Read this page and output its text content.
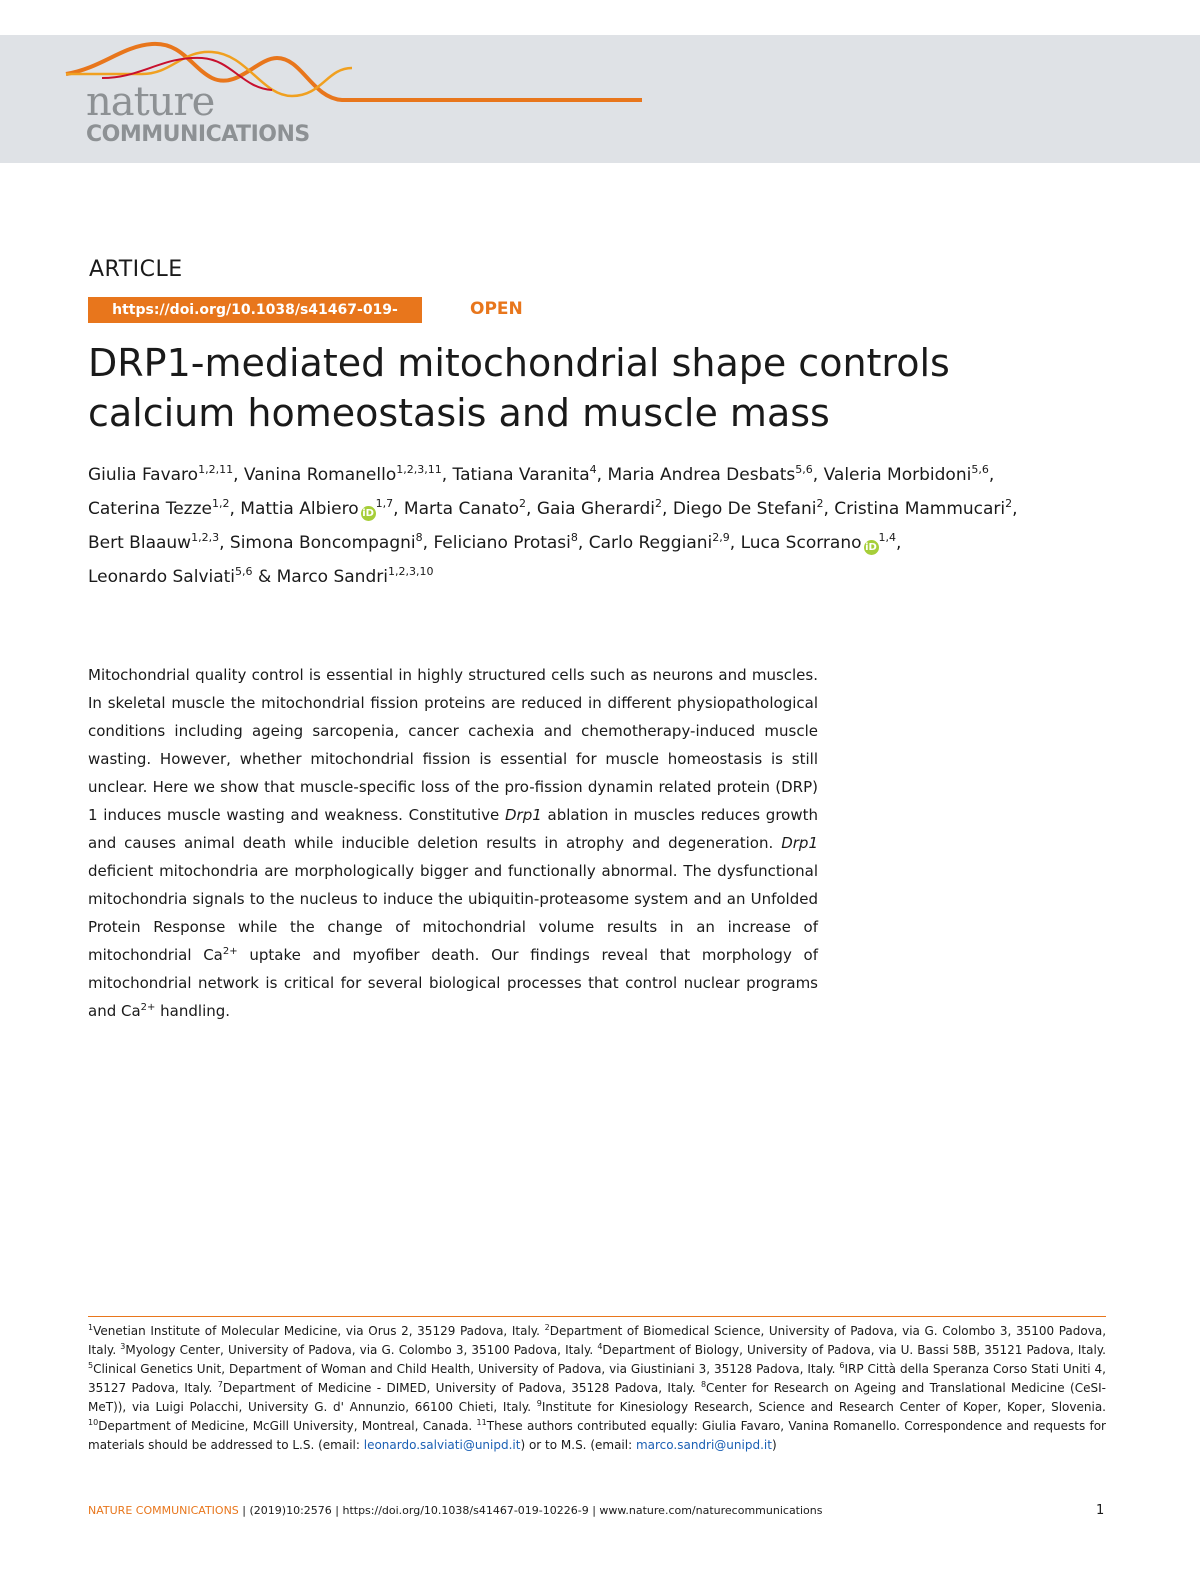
nature
COMMUNICATIONS
ARTICLE
https://doi.org/10.1038/s41467-019-10226-9
OPEN
DRP1-mediated mitochondrial shape controls
calcium homeostasis and muscle mass
Giulia Favaro$^{1,2,11}$, Vanina Romanello$^{1,2,3,11}$, Tatiana Varanita$^4$, Maria Andrea Desbats$^{5,6}$, Valeria Morbidoni$^{5,6}$,
Caterina Tezze$^{1,2}$, Mattia Albiero iD$^{1,7}$, Marta Canato$^2$, Gaia Gherardi$^2$, Diego De Stefani$^2$, Cristina Mammucari$^2$,
Bert Blaauw$^{1,2,3}$, Simona Boncompagni$^8$, Feliciano Protasi$^8$, Carlo Reggiani$^{2,9}$, Luca Scorrano iD$^{1,4}$,
Leonardo Salviati$^{5,6}$ & Marco Sandri$^{1,2,3,10}$

Mitochondrial quality control is essential in highly structured cells such as neurons and muscles. In skeletal muscle the mitochondrial fission proteins are reduced in different physiopathological conditions including ageing sarcopenia, cancer cachexia and chemotherapy-induced muscle wasting. However, whether mitochondrial fission is essential for muscle homeostasis is still unclear. Here we show that muscle-specific loss of the pro-fission dynamin related protein (DRP) 1 induces muscle wasting and weakness. Constitutive Drp1 ablation in muscles reduces growth and causes animal death while inducible deletion results in atrophy and degeneration. Drp1 deficient mitochondria are morphologically bigger and functionally abnormal. The dysfunctional mitochondria signals to the nucleus to induce the ubiquitin-proteasome system and an Unfolded Protein Response while the change of mitochondrial volume results in an increase of mitochondrial $Ca^{2+}$ uptake and myofiber death. Our findings reveal that morphology of mitochondrial network is critical for several biological processes that control nuclear programs and $Ca^{2+}$ handling.

$^1$Venetian Institute of Molecular Medicine, via Orus 2, 35129 Padova, Italy. $^2$Department of Biomedical Science, University of Padova, via G. Colombo 3, 35100 Padova, Italy. $^3$Myology Center, University of Padova, via G. Colombo 3, 35100 Padova, Italy. $^4$Department of Biology, University of Padova, via U. Bassi 58B, 35121 Padova, Italy. $^5$Clinical Genetics Unit, Department of Woman and Child Health, University of Padova, via Giustiniani 3, 35128 Padova, Italy. $^6$IRP Città della Speranza Corso Stati Uniti 4, 35127 Padova, Italy. $^7$Department of Medicine - DIMED, University of Padova, 35128 Padova, Italy. $^8$Center for Research on Ageing and Translational Medicine (CeSI-MeT)), via Luigi Polacchi, University G. d' Annunzio, 66100 Chieti, Italy. $^9$Institute for Kinesiology Research, Science and Research Center of Koper, Koper, Slovenia. $^{10}$Department of Medicine, McGill University, Montreal, Canada. $^{11}$These authors contributed equally: Giulia Favaro, Vanina Romanello. Correspondence and requests for materials should be addressed to L.S. (email: leonardo.salviati@unipd.it) or to M.S. (email: marco.sandri@unipd.it)

NATURE COMMUNICATIONS | (2019)10:2576 | https://doi.org/10.1038/s41467-019-10226-9 | www.nature.com/naturecommunications	1
